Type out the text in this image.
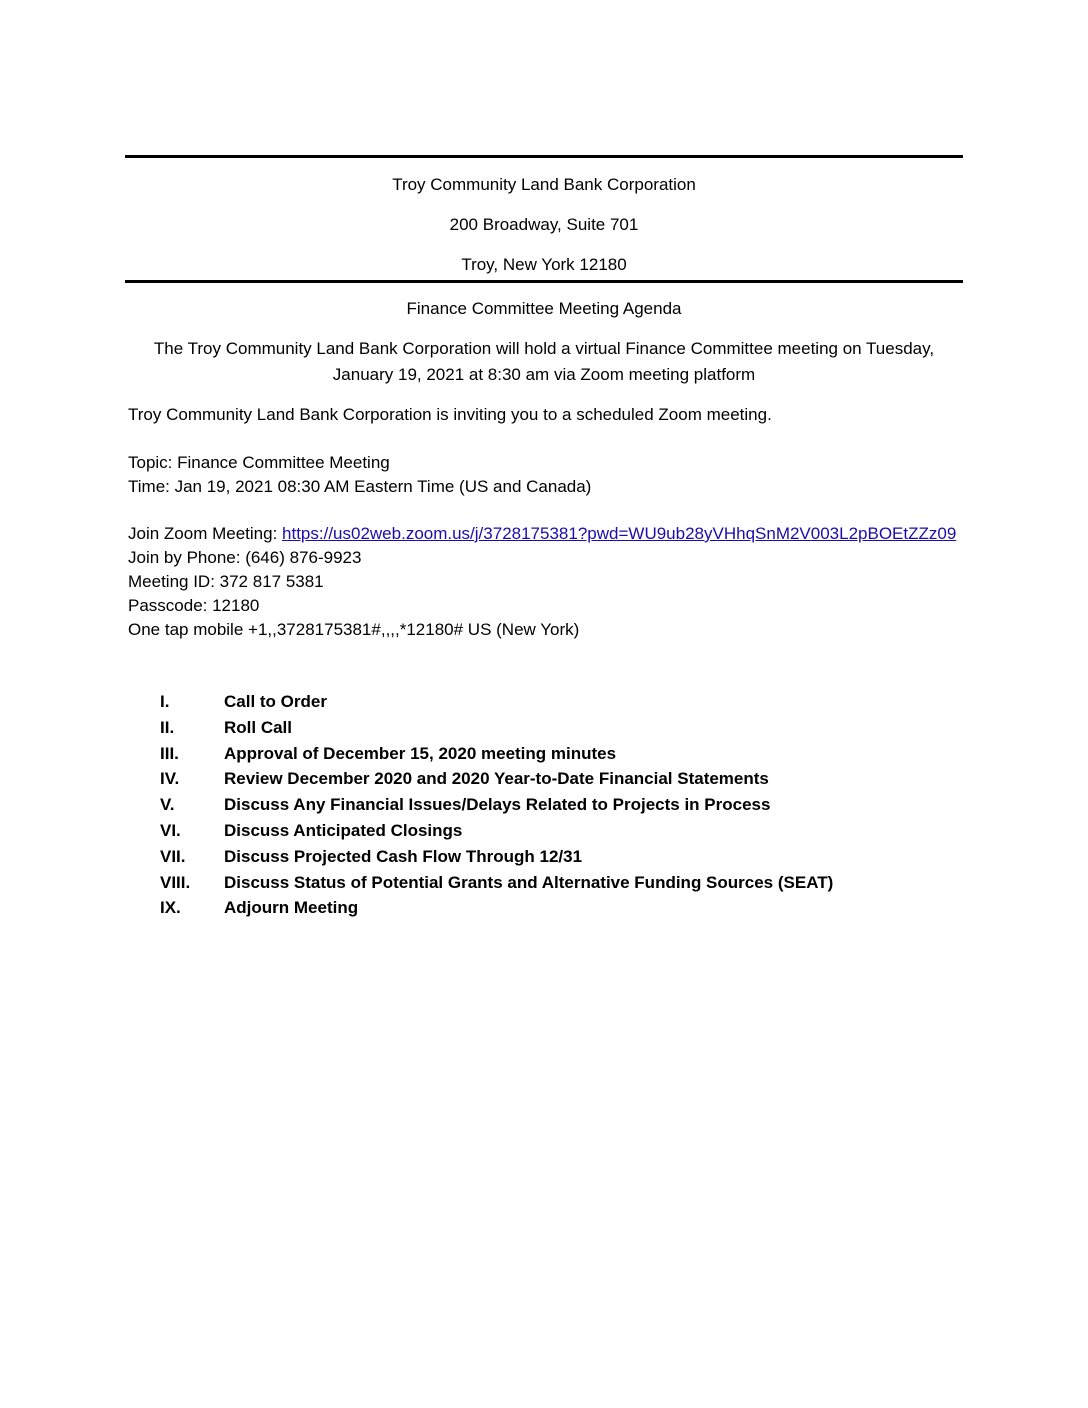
Troy Community Land Bank Corporation
200 Broadway, Suite 701
Troy, New York 12180
Finance Committee Meeting Agenda
The Troy Community Land Bank Corporation will hold a virtual Finance Committee meeting on Tuesday,
January 19, 2021 at 8:30 am via Zoom meeting platform
Troy Community Land Bank Corporation is inviting you to a scheduled Zoom meeting.
Topic: Finance Committee Meeting
Time: Jan 19, 2021 08:30 AM Eastern Time (US and Canada)
Join Zoom Meeting: https://us02web.zoom.us/j/3728175381?pwd=WU9ub28yVHhqSnM2V003L2pBOEtZZz09
Join by Phone: (646) 876-9923
Meeting ID: 372 817 5381
Passcode: 12180
One tap mobile +1,,3728175381#,,,,*12180# US (New York)
I.	Call to Order
II.	Roll Call
III.	Approval of December 15, 2020 meeting minutes
IV.	Review December 2020 and 2020 Year-to-Date Financial Statements
V.	Discuss Any Financial Issues/Delays Related to Projects in Process
VI.	Discuss Anticipated Closings
VII. Discuss Projected Cash Flow Through 12/31
VIII. Discuss Status of Potential Grants and Alternative Funding Sources (SEAT)
IX.	Adjourn Meeting
